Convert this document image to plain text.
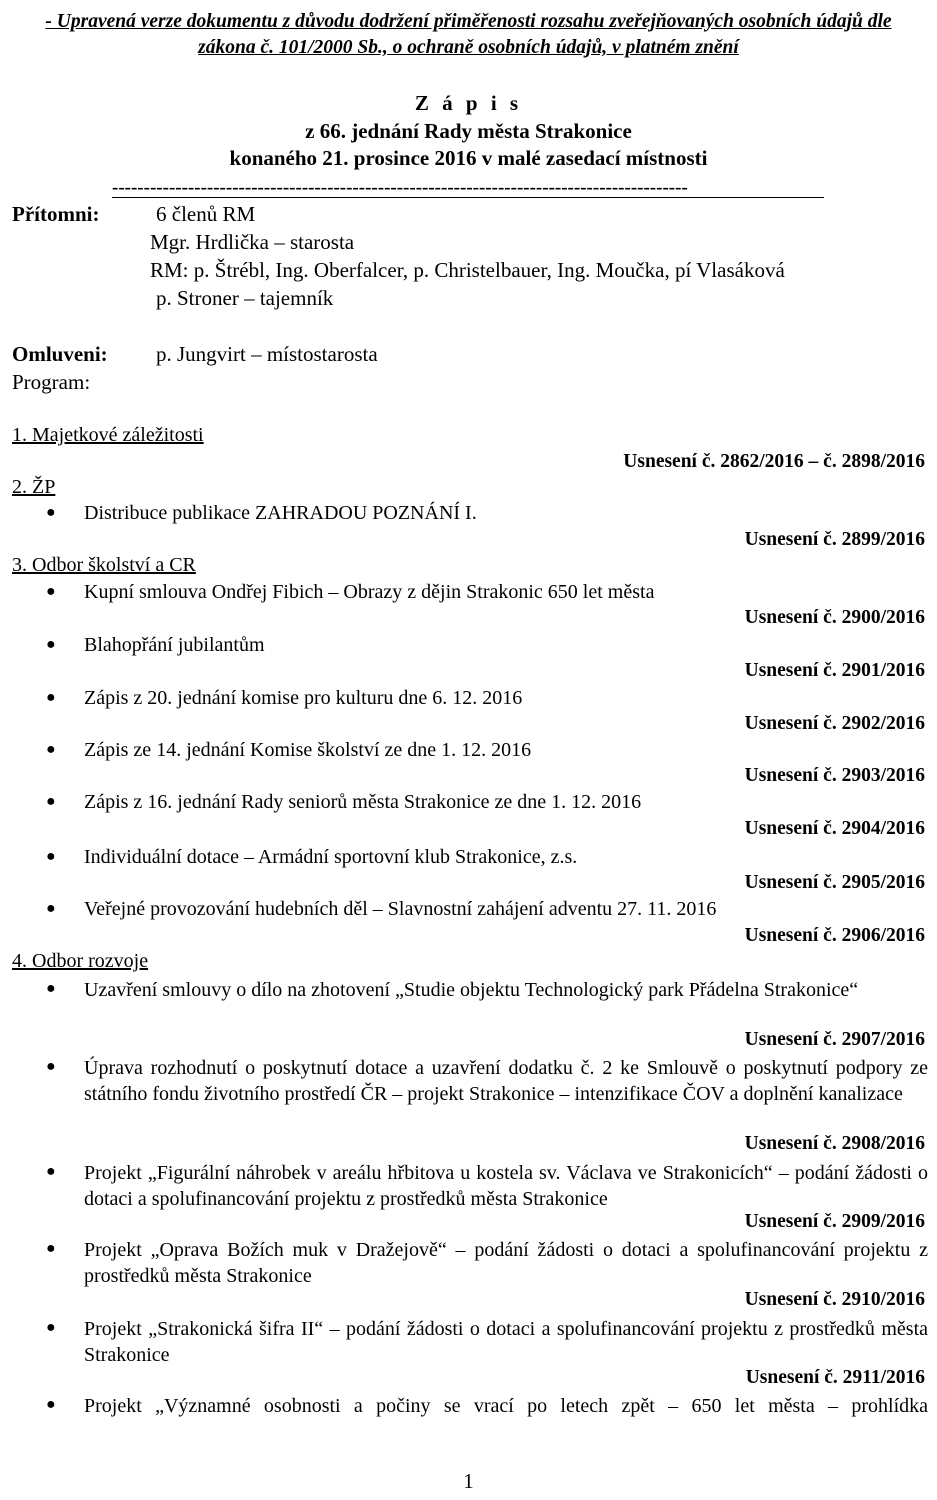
- Upravená verze dokumentu z důvodu dodržení přiměřenosti rozsahu zveřejňovaných osobních údajů dle zákona č. 101/2000 Sb., o ochraně osobních údajů, v platném znění
Z á p i s
z 66. jednání Rady města Strakonice
konaného 21. prosince 2016 v malé zasedací místnosti
-------------------------------------------------------------------------------------------
Přítomni:	6 členů RM
Mgr. Hrdlička – starosta
RM: p. Štrébl, Ing. Oberfalcer, p. Christelbauer, Ing. Moučka, pí Vlasáková
p. Stroner – tajemník
Omluveni: p. Jungvirt – místostarosta
Program:
1. Majetkové záležitosti
Usnesení č. 2862/2016 – č. 2898/2016
2. ŽP
● Distribuce publikace ZAHRADOU POZNÁNÍ I.
Usnesení č. 2899/2016
3. Odbor školství a CR
● Kupní smlouva Ondřej Fibich – Obrazy z dějin Strakonic 650 let města
Usnesení č. 2900/2016
● Blahopřání jubilantům
Usnesení č. 2901/2016
● Zápis z 20. jednání komise pro kulturu dne 6. 12. 2016
Usnesení č. 2902/2016
● Zápis ze 14. jednání Komise školství ze dne 1. 12. 2016
Usnesení č. 2903/2016
● Zápis z 16. jednání Rady seniorů města Strakonice ze dne 1. 12. 2016
Usnesení č. 2904/2016
● Individuální dotace – Armádní sportovní klub Strakonice, z.s.
Usnesení č. 2905/2016
● Veřejné provozování hudebních děl – Slavnostní zahájení adventu 27. 11. 2016
Usnesení č. 2906/2016
4. Odbor rozvoje
● Uzavření smlouvy o dílo na zhotovení „Studie objektu Technologický park Přádelna Strakonice“
Usnesení č. 2907/2016
● Úprava rozhodnutí o poskytnutí dotace a uzavření dodatku č. 2 ke Smlouvě o poskytnutí podpory ze státního fondu životního prostředí ČR – projekt Strakonice – intenzifikace ČOV a doplnění kanalizace
Usnesení č. 2908/2016
● Projekt „Figurální náhrobek v areálu hřbitova u kostela sv. Václava ve Strakonicích“ – podání žádosti o dotaci a spolufinancování projektu z prostředků města Strakonice
Usnesení č. 2909/2016
● Projekt „Oprava Božích muk v Dražejově“ – podání žádosti o dotaci a spolufinancování projektu z prostředků města Strakonice
Usnesení č. 2910/2016
● Projekt „Strakonická šifra II“ – podání žádosti o dotaci a spolufinancování projektu z prostředků města Strakonice
Usnesení č. 2911/2016
● Projekt „Významné osobnosti a počiny se vrací po letech zpět – 650 let města – prohlídka
1
